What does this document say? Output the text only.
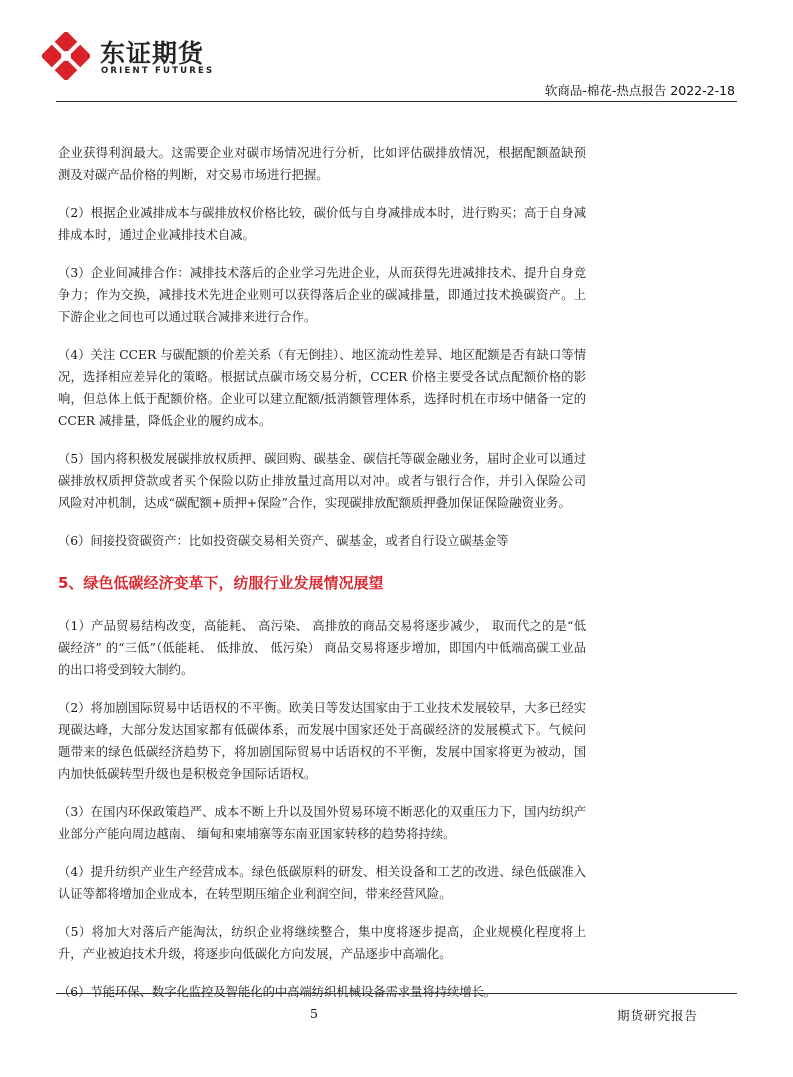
东证期货
ORIENT FUTURES
软商品-棉花-热点报告 2022-2-18

企业获得利润最大。这需要企业对碳市场情况进行分析，比如评估碳排放情况，根据配额盈缺预测及对碳产品价格的判断，对交易市场进行把握。

（2）根据企业减排成本与碳排放权价格比较，碳价低与自身减排成本时，进行购买；高于自身减排成本时，通过企业减排技术自减。

（3）企业间减排合作：减排技术落后的企业学习先进企业，从而获得先进减排技术、提升自身竞争力；作为交换，减排技术先进企业则可以获得落后企业的碳减排量，即通过技术换碳资产。上下游企业之间也可以通过联合减排来进行合作。

（4）关注 CCER 与碳配额的价差关系（有无倒挂）、地区流动性差异、地区配额是否有缺口等情况，选择相应差异化的策略。根据试点碳市场交易分析，CCER 价格主要受各试点配额价格的影响，但总体上低于配额价格。企业可以建立配额/抵消额管理体系，选择时机在市场中储备一定的 CCER 减排量，降低企业的履约成本。

（5）国内将积极发展碳排放权质押、碳回购、碳基金、碳信托等碳金融业务，届时企业可以通过碳排放权质押贷款或者买个保险以防止排放量过高用以对冲。或者与银行合作，并引入保险公司风险对冲机制，达成“碳配额+质押+保险”合作，实现碳排放配额质押叠加保证保险融资业务。

（6）间接投资碳资产：比如投资碳交易相关资产、碳基金，或者自行设立碳基金等

5、绿色低碳经济变革下，纺服行业发展情况展望

（1）产品贸易结构改变，高能耗、 高污染、 高排放的商品交易将逐步减少， 取而代之的是“低碳经济” 的“三低”（低能耗、 低排放、 低污染） 商品交易将逐步增加，即国内中低端高碳工业品的出口将受到较大制约。

（2）将加剧国际贸易中话语权的不平衡。欧美日等发达国家由于工业技术发展较早，大多已经实现碳达峰，大部分发达国家都有低碳体系，而发展中国家还处于高碳经济的发展模式下。气候问题带来的绿色低碳经济趋势下，将加剧国际贸易中话语权的不平衡，发展中国家将更为被动，国内加快低碳转型升级也是积极竞争国际话语权。

（3）在国内环保政策趋严、成本不断上升以及国外贸易环境不断恶化的双重压力下，国内纺织产业部分产能向周边越南、 缅甸和柬埔寨等东南亚国家转移的趋势将持续。

（4）提升纺织产业生产经营成本。绿色低碳原料的研发、相关设备和工艺的改进、绿色低碳准入认证等都将增加企业成本，在转型期压缩企业利润空间，带来经营风险。

（5）将加大对落后产能淘汰，纺织企业将继续整合，集中度将逐步提高，企业规模化程度将上升，产业被迫技术升级，将逐步向低碳化方向发展，产品逐步中高端化。

（6）节能环保、数字化监控及智能化的中高端纺织机械设备需求量将持续增长。

5	期货研究报告
